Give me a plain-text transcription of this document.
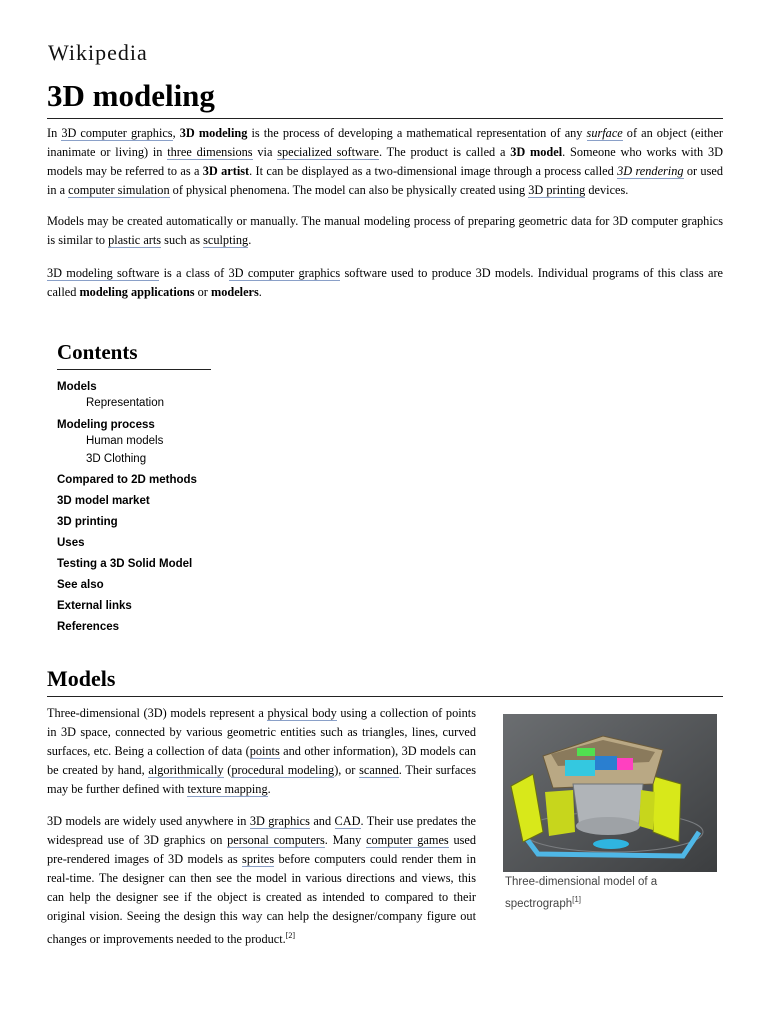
Wikipedia
3D modeling

In 3D computer graphics, 3D modeling is the process of developing a mathematical representation of any surface of an object (either inanimate or living) in three dimensions via specialized software. The product is called a 3D model. Someone who works with 3D models may be referred to as a 3D artist. It can be displayed as a two-dimensional image through a process called 3D rendering or used in a computer simulation of physical phenomena. The model can also be physically created using 3D printing devices.

Models may be created automatically or manually. The manual modeling process of preparing geometric data for 3D computer graphics is similar to plastic arts such as sculpting.

3D modeling software is a class of 3D computer graphics software used to produce 3D models. Individual programs of this class are called modeling applications or modelers.

Contents
Models
Representation
Modeling process
Human models
3D Clothing
Compared to 2D methods
3D model market
3D printing
Uses
Testing a 3D Solid Model
See also
External links
References
Models

Three-dimensional (3D) models represent a physical body using a collection of points in 3D space, connected by various geometric entities such as triangles, lines, curved surfaces, etc. Being a collection of data (points and other information), 3D models can be created by hand, algorithmically (procedural modeling), or scanned. Their surfaces may be further defined with texture mapping.

3D models are widely used anywhere in 3D graphics and CAD. Their use predates the widespread use of 3D graphics on personal computers. Many computer games used pre-rendered images of 3D models as sprites before computers could render them in real-time. The designer can then see the model in various directions and views, this can help the designer see if the object is created as intended to compared to their original vision. Seeing the design this way can help the designer/company figure out changes or improvements needed to the product.[2]

Three-dimensional model of a spectrograph[1]
